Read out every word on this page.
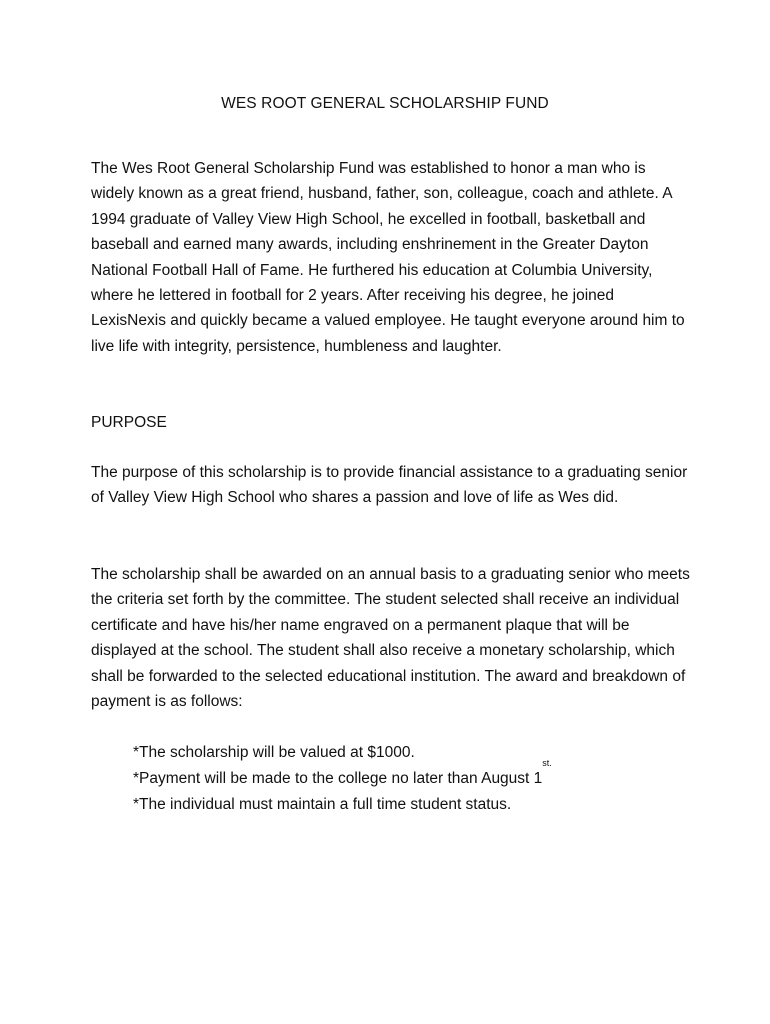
WES ROOT GENERAL SCHOLARSHIP FUND

The Wes Root General Scholarship Fund was established to honor a man who is widely known as a great friend, husband, father, son, colleague, coach and athlete. A 1994 graduate of Valley View High School, he excelled in football, basketball and baseball and earned many awards, including enshrinement in the Greater Dayton National Football Hall of Fame. He furthered his education at Columbia University, where he lettered in football for 2 years. After receiving his degree, he joined LexisNexis and quickly became a valued employee. He taught everyone around him to live life with integrity, persistence, humbleness and laughter.

PURPOSE

The purpose of this scholarship is to provide financial assistance to a graduating senior of Valley View High School who shares a passion and love of life as Wes did.

The scholarship shall be awarded on an annual basis to a graduating senior who meets the criteria set forth by the committee. The student selected shall receive an individual certificate and have his/her name engraved on a permanent plaque that will be displayed at the school. The student shall also receive a monetary scholarship, which shall be forwarded to the selected educational institution. The award and breakdown of payment is as follows:

*The scholarship will be valued at $1000.
*Payment will be made to the college no later than August $1^{st.}$
*The individual must maintain a full time student status.
